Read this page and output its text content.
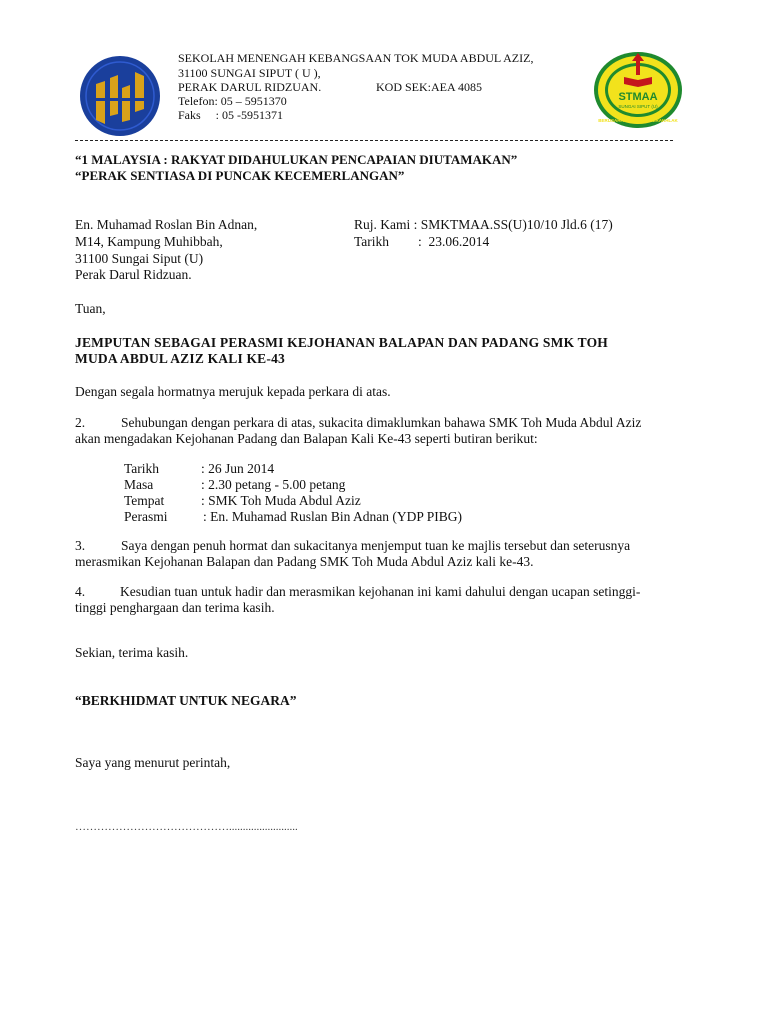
SEKOLAH MENENGAH KEBANGSAAN TOK MUDA ABDUL AZIZ,
31100 SUNGAI SIPUT ( U ),
PERAK DARUL RIDZUAN.	KOD SEK:AEA 4085
Telefon: 05 – 5951370
Faks     : 05 -5951371
STMAA
SUNGAI SIPUT (U)
BERUSAHA BERBAKTI BERAKHLAK
“1 MALAYSIA : RAKYAT DIDAHULUKAN PENCAPAIAN DIUTAMAKAN”
“PERAK SENTIASA DI PUNCAK KECEMERLANGAN”
En. Muhamad Roslan Bin Adnan,
M14, Kampung Muhibbah,
31100 Sungai Siput (U)
Perak Darul Ridzuan.
Ruj. Kami : SMKTMAA.SS(U)10/10 Jld.6 (17)
Tarikh :  23.06.2014
Tuan,
JEMPUTAN SEBAGAI PERASMI KEJOHANAN BALAPAN DAN PADANG SMK TOH
MUDA ABDUL AZIZ KALI KE-43
Dengan segala hormatnya merujuk kepada perkara di atas.
2.	Sehubungan dengan perkara di atas, sukacita dimaklumkan bahawa SMK Toh Muda Abdul Aziz
akan mengadakan Kejohanan Padang dan Balapan Kali Ke-43 seperti butiran berikut:
Tarikh	: 26 Jun 2014
Masa	: 2.30 petang - 5.00 petang
Tempat	: SMK Toh Muda Abdul Aziz
Perasmi	: En. Muhamad Ruslan Bin Adnan (YDP PIBG)
3.	Saya dengan penuh hormat dan sukacitanya menjemput tuan ke majlis tersebut dan seterusnya
merasmikan Kejohanan Balapan dan Padang SMK Toh Muda Abdul Aziz kali ke-43.
4.	Kesudian tuan untuk hadir dan merasmikan kejohanan ini kami dahului dengan ucapan setinggi-
tinggi penghargaan dan terima kasih.
Sekian, terima kasih.
“BERKHIDMAT UNTUK NEGARA”
Saya yang menurut perintah,
…………………………………….........................
